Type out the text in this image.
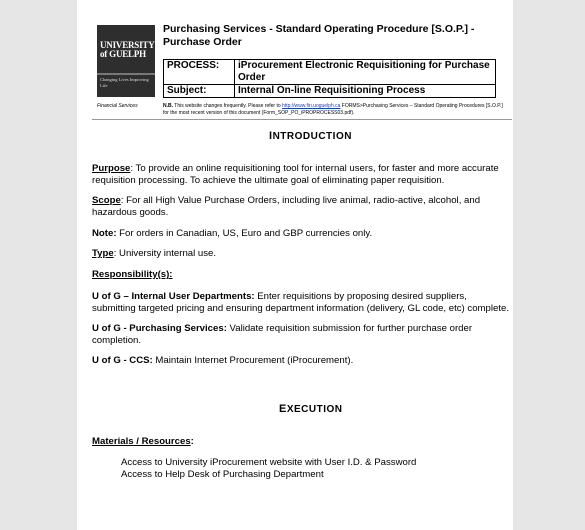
UNIVERSITY of GUELPH
Changing Lives Improving Life
Financial Services
Purchasing Services - Standard Operating Procedure [S.O.P.] - Purchase Order
PROCESS:	iProcurement Electronic Requisitioning for Purchase Order
Subject:	Internal On-line Requisitioning Process
N.B. This website changes frequently. Please refer to http://www.fin.uoguelph.ca FORMS>Purchasing Services – Standard Operating Procedures [S.O.P.] for the most recent version of this document (Form_SOP_PO_iPROPROCESS03.pdf).
INTRODUCTION
Purpose: To provide an online requisitioning tool for internal users, for faster and more accurate requisition processing. To achieve the ultimate goal of eliminating paper requisition.
Scope: For all High Value Purchase Orders, including live animal, radio-active, alcohol, and hazardous goods.
Note: For orders in Canadian, US, Euro and GBP currencies only.
Type: University internal use.
Responsibility(s):
U of G – Internal User Departments: Enter requisitions by proposing desired suppliers, submitting targeted pricing and ensuring department information (delivery, GL code, etc) complete.
U of G - Purchasing Services: Validate requisition submission for further purchase order completion.
U of G - CCS: Maintain Internet Procurement (iProcurement).
EXECUTION
Materials / Resources:
Access to University iProcurement website with User I.D. & Password
Access to Help Desk of Purchasing Department
